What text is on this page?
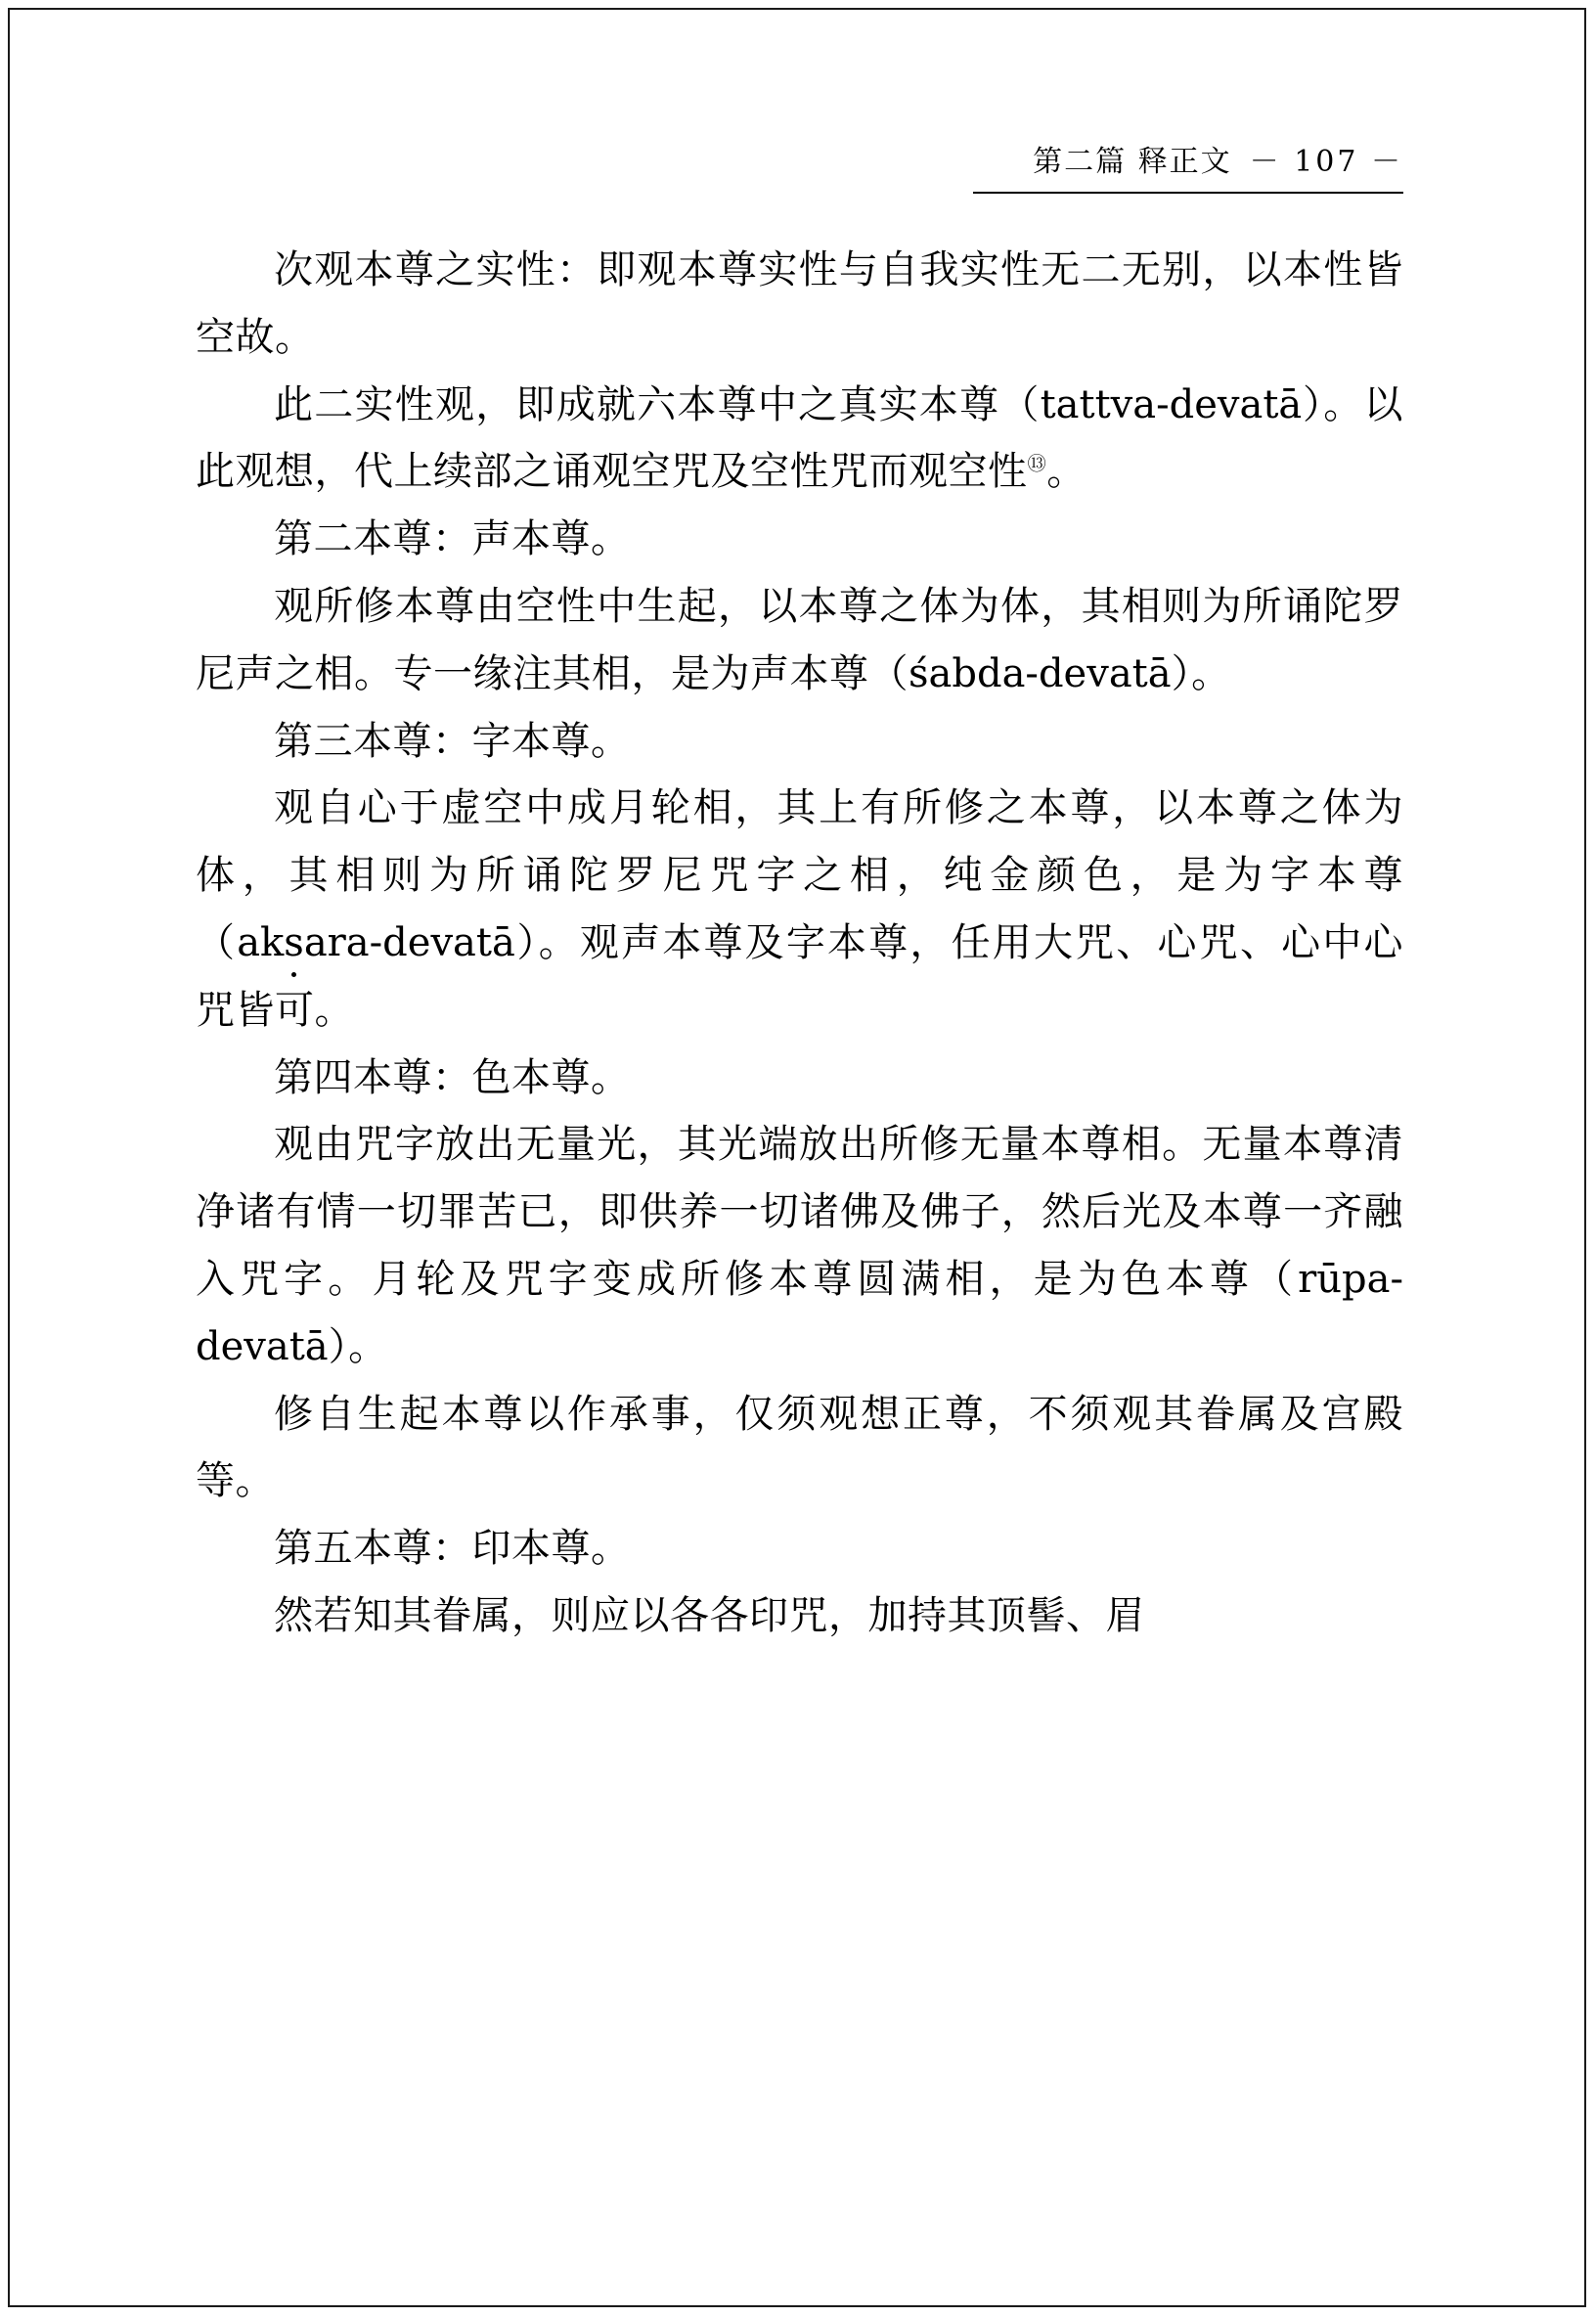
第二篇 释正文 － 107 －

次观本尊之实性：即观本尊实性与自我实性无二无别，以本性皆空故。

此二实性观，即成就六本尊中之真实本尊（tattva-devatā）。以此观想，代上续部之诵观空咒及空性咒而观空性⑬。

第二本尊：声本尊。

观所修本尊由空性中生起，以本尊之体为体，其相则为所诵陀罗尼声之相。专一缘注其相，是为声本尊（śabda-devatā）。

第三本尊：字本尊。

观自心于虚空中成月轮相，其上有所修之本尊，以本尊之体为体，其相则为所诵陀罗尼咒字之相，纯金颜色，是为字本尊（aksara-devatā）。观声本尊及字本尊，任用大咒、心咒、心中心咒皆可。

第四本尊：色本尊。

观由咒字放出无量光，其光端放出所修无量本尊相。无量本尊清净诸有情一切罪苦已，即供养一切诸佛及佛子，然后光及本尊一齐融入咒字。月轮及咒字变成所修本尊圆满相，是为色本尊（rūpa-devatā）。

修自生起本尊以作承事，仅须观想正尊，不须观其眷属及宫殿等。

第五本尊：印本尊。

然若知其眷属，则应以各各印咒，加持其顶髻、眉
